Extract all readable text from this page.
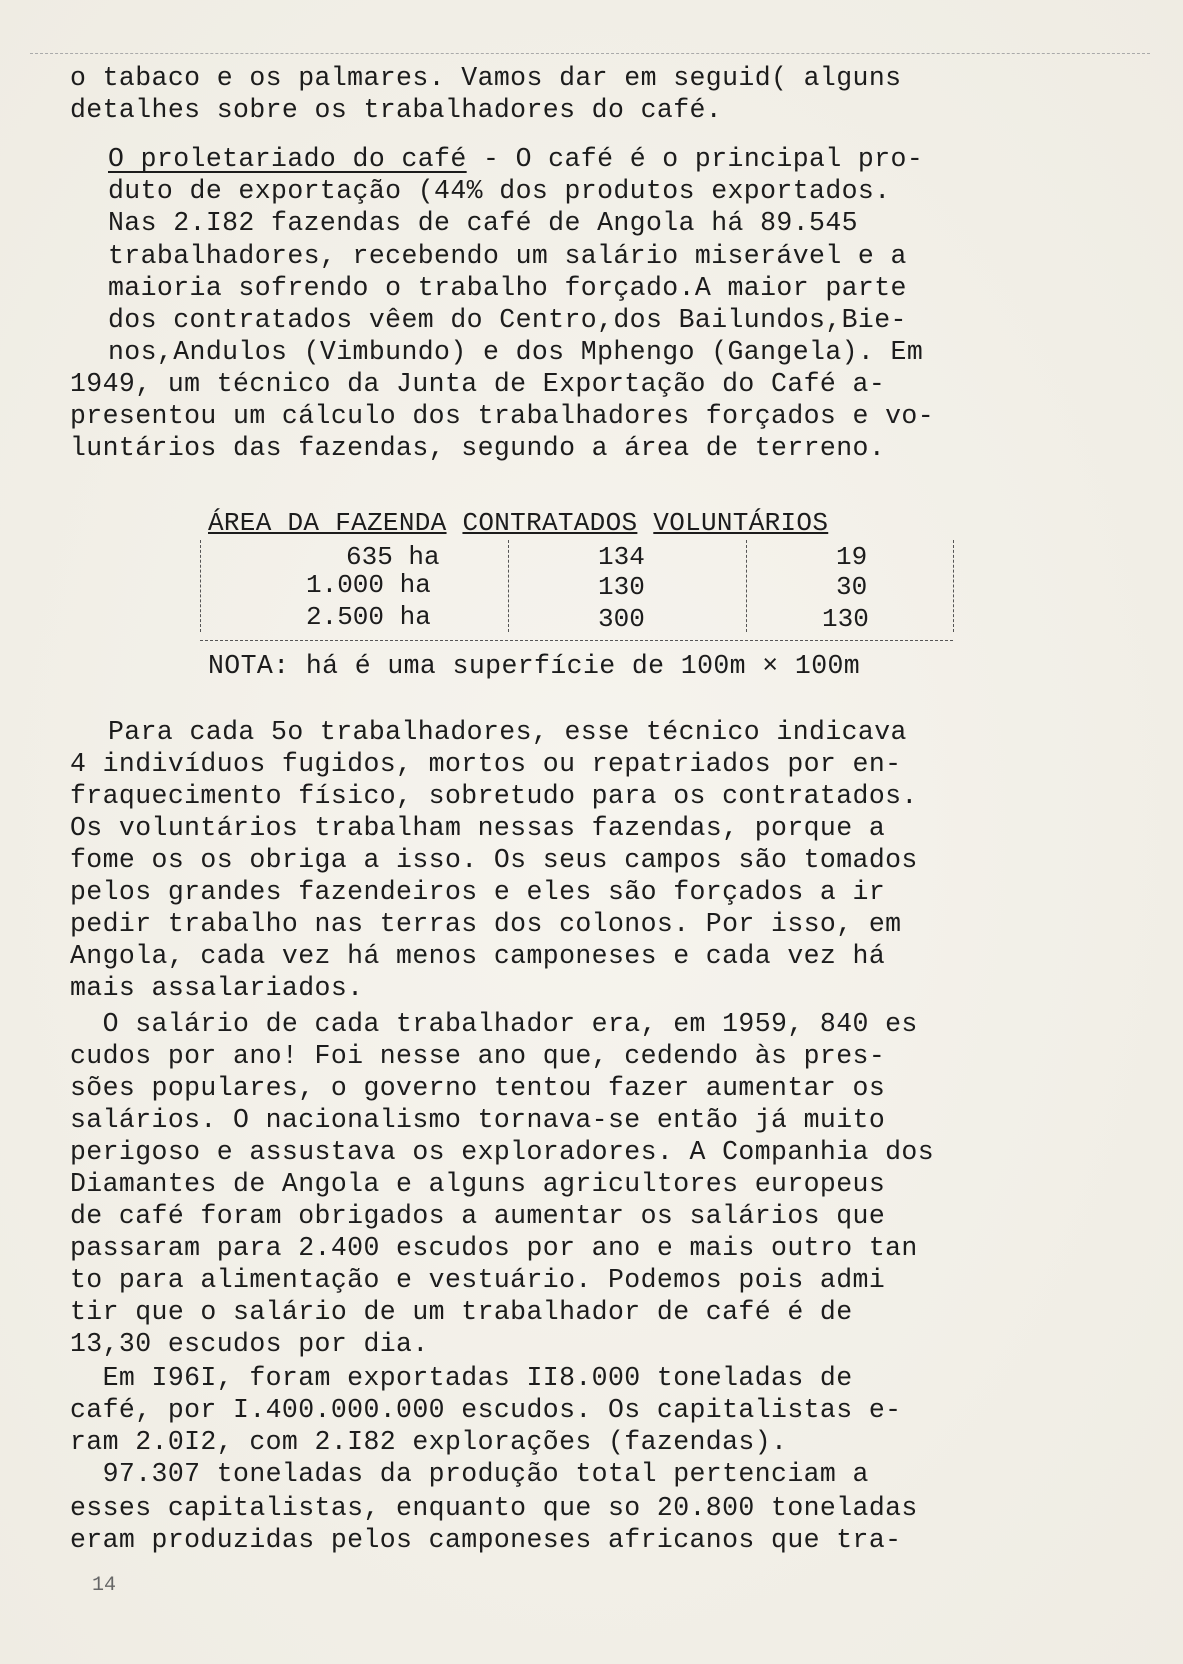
o tabaco e os palmares. Vamos dar em seguid( alguns
detalhes sobre os trabalhadores do café.
O proletariado do café - O café é o principal pro-
duto de exportação (44% dos produtos exportados.
Nas 2.I82 fazendas de café de Angola há 89.545
trabalhadores, recebendo um salário miserável e a
maioria sofrendo o trabalho forçado.A maior parte
dos contratados vêem do Centro,dos Bailundos,Bie-
nos,Andulos (Vimbundo) e dos Mphengo (Gangela). Em
1949, um técnico da Junta de Exportação do Café a-
presentou um cálculo dos trabalhadores forçados e vo-
luntários das fazendas, segundo a área de terreno.
ÁREA DA FAZENDA CONTRATADOS VOLUNTÁRIOS
635 ha	134	19
1.000 ha	130	30
2.500 ha	300	130
NOTA: há é uma superfície de 100m × 100m
Para cada 5o trabalhadores, esse técnico indicava
4 indivíduos fugidos, mortos ou repatriados por en-
fraquecimento físico, sobretudo para os contratados.
Os voluntários trabalham nessas fazendas, porque a
fome os os obriga a isso. Os seus campos são tomados
pelos grandes fazendeiros e eles são forçados a ir
pedir trabalho nas terras dos colonos. Por isso, em
Angola, cada vez há menos camponeses e cada vez há
mais assalariados.
O salário de cada trabalhador era, em 1959, 840 es
cudos por ano! Foi nesse ano que, cedendo às pres-
sões populares, o governo tentou fazer aumentar os
salários. O nacionalismo tornava-se então já muito
perigoso e assustava os exploradores. A Companhia dos
Diamantes de Angola e alguns agricultores europeus
de café foram obrigados a aumentar os salários que
passaram para 2.400 escudos por ano e mais outro tan
to para alimentação e vestuário. Podemos pois admi
tir que o salário de um trabalhador de café é de
13,30 escudos por dia.
Em I96I, foram exportadas II8.000 toneladas de
café, por I.400.000.000 escudos. Os capitalistas e-
ram 2.0I2, com 2.I82 explorações (fazendas).
97.307 toneladas da produção total pertenciam a
esses capitalistas, enquanto que so 20.800 toneladas
eram produzidas pelos camponeses africanos que tra-
14
